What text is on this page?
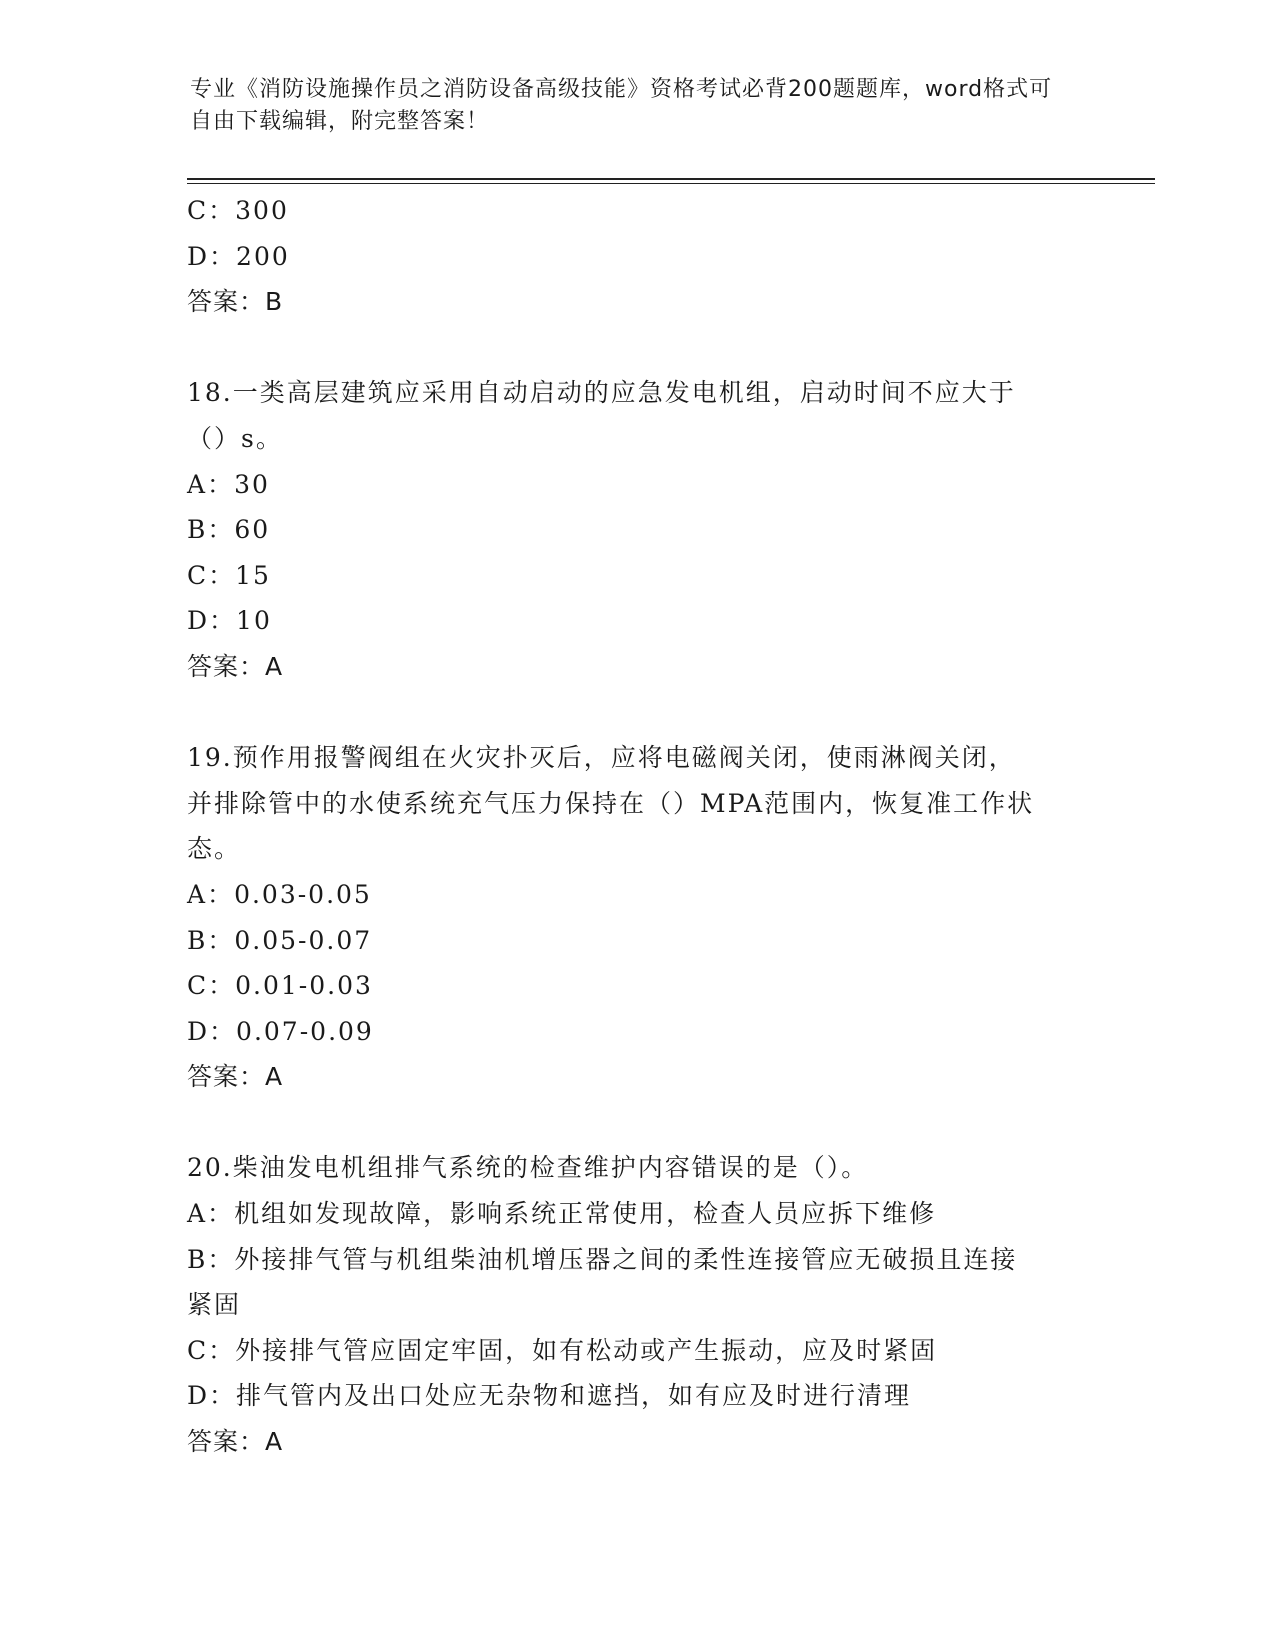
专业《消防设施操作员之消防设备高级技能》资格考试必背200题题库，word格式可自由下载编辑，附完整答案！
C：300
D：200
答案：B
18.一类高层建筑应采用自动启动的应急发电机组，启动时间不应大于
（）s。
A：30
B：60
C：15
D：10
答案：A
19.预作用报警阀组在火灾扑灭后，应将电磁阀关闭，使雨淋阀关闭，
并排除管中的水使系统充气压力保持在（）MPA范围内，恢复准工作状
态。
A：0.03-0.05
B：0.05-0.07
C：0.01-0.03
D：0.07-0.09
答案：A
20.柴油发电机组排气系统的检查维护内容错误的是（）。
A：机组如发现故障，影响系统正常使用，检查人员应拆下维修
B：外接排气管与机组柴油机增压器之间的柔性连接管应无破损且连接
紧固
C：外接排气管应固定牢固，如有松动或产生振动，应及时紧固
D：排气管内及出口处应无杂物和遮挡，如有应及时进行清理
答案：A
